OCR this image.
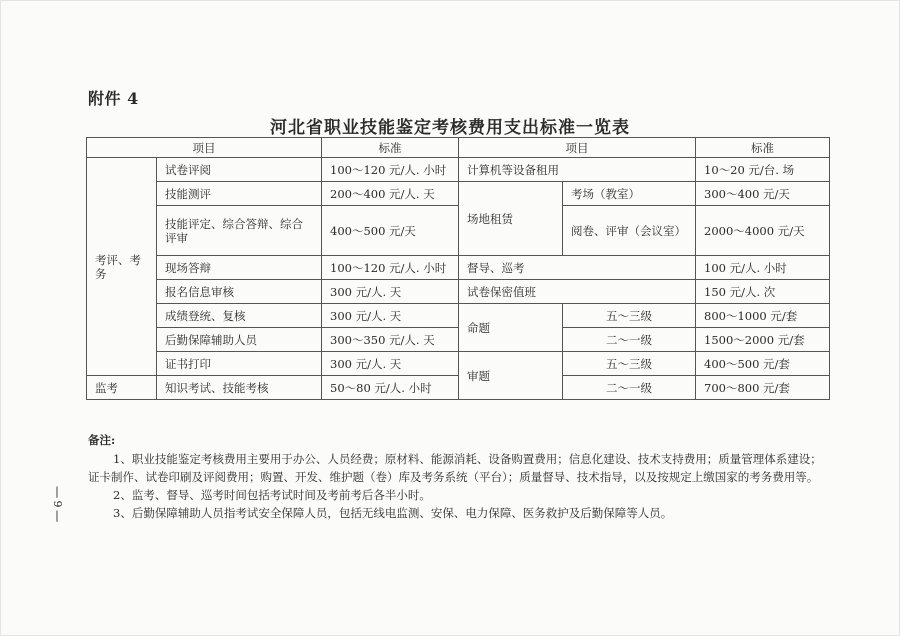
附件 4
河北省职业技能鉴定考核费用支出标准一览表
项目		标准	项目		标准
考评、考务	试卷评阅	100～120 元/人. 小时	计算机等设备租用		10～20 元/台. 场
	技能测评	200～400 元/人. 天	场地租赁	考场（教室）	300～400 元/天
	技能评定、综合答辩、综合评审	400～500 元/天		阅卷、评审（会议室）	2000～4000 元/天
	现场答辩	100～120 元/人. 小时	督导、巡考		100 元/人. 小时
	报名信息审核	300 元/人. 天	试卷保密值班		150 元/人. 次
	成绩登统、复核	300 元/人. 天	命题	五～三级	800～1000 元/套
	后勤保障辅助人员	300～350 元/人. 天		二～一级	1500～2000 元/套
	证书打印	300 元/人. 天	审题	五～三级	400～500 元/套
监考	知识考试、技能考核	50～80 元/人. 小时		二～一级	700～800 元/套
备注:

1、职业技能鉴定考核费用主要用于办公、人员经费；原材料、能源消耗、设备购置费用；信息化建设、技术支持费用；质量管理体系建设；证卡制作、试卷印刷及评阅费用；购置、开发、维护题（卷）库及考务系统（平台）；质量督导、技术指导，以及按规定上缴国家的考务费用等。

2、监考、督导、巡考时间包括考试时间及考前考后各半小时。

3、后勤保障辅助人员指考试安全保障人员，包括无线电监测、安保、电力保障、医务救护及后勤保障等人员。

|
9
|
